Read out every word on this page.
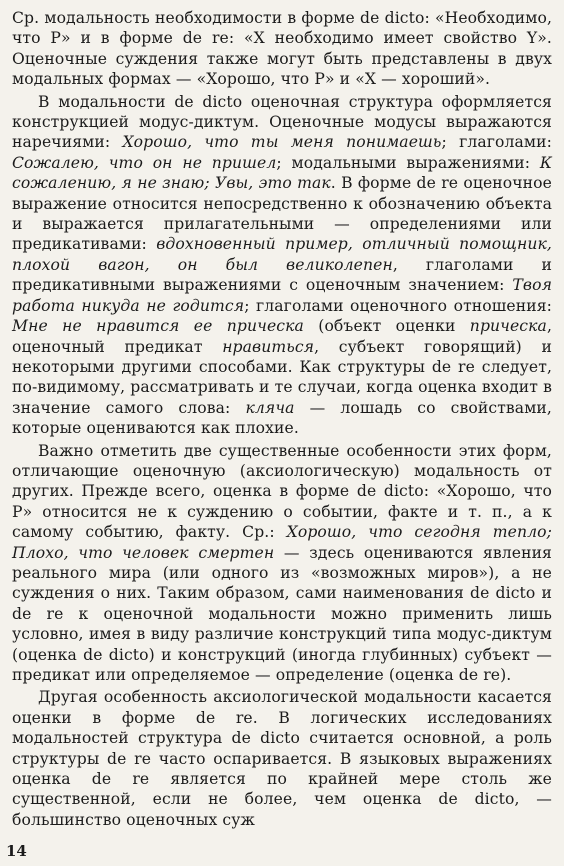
Ср. модальность необходимости в форме de dicto: «Необходимо, что Р» и в форме de re: «Х необходимо имеет свойство Y». Оценочные суждения также могут быть представлены в двух модальных формах — «Хорошо, что Р» и «Х — хороший».

В модальности de dicto оценочная структура оформляется конструкцией модус-диктум. Оценочные модусы выражаются наречиями: Хорошо, что ты меня понимаешь; глаголами: Сожалею, что он не пришел; модальными выражениями: К сожалению, я не знаю; Увы, это так. В форме de re оценочное выражение относится непосредственно к обозначению объекта и выражается прилагательными — определениями или предикативами: вдохновенный пример, отличный помощник, плохой вагон, он был великолепен, глаголами и предикативными выражениями с оценочным значением: Твоя работа никуда не годится; глаголами оценочного отношения: Мне не нравится ее прическа (объект оценки прическа, оценочный предикат нравиться, субъект говорящий) и некоторыми другими способами. Как структуры de re следует, по-видимому, рассматривать и те случаи, когда оценка входит в значение самого слова: кляча — лошадь со свойствами, которые оцениваются как плохие.

Важно отметить две существенные особенности этих форм, отличающие оценочную (аксиологическую) модальность от других. Прежде всего, оценка в форме de dicto: «Хорошо, что Р» относится не к суждению о событии, факте и т. п., а к самому событию, факту. Ср.: Хорошо, что сегодня тепло; Плохо, что человек смертен — здесь оцениваются явления реального мира (или одного из «возможных миров»), а не суждения о них. Таким образом, сами наименования de dicto и de re к оценочной модальности можно применить лишь условно, имея в виду различие конструкций типа модус-диктум (оценка de dicto) и конструкций (иногда глубинных) субъект — предикат или определяемое — определение (оценка de re).

Другая особенность аксиологической модальности касается оценки в форме de re. В логических исследованиях модальностей структура de dicto считается основной, а роль структуры de re часто оспаривается. В языковых выражениях оценка de re является по крайней мере столь же существенной, если не более, чем оценка de dicto, — большинство оценочных суж

14
